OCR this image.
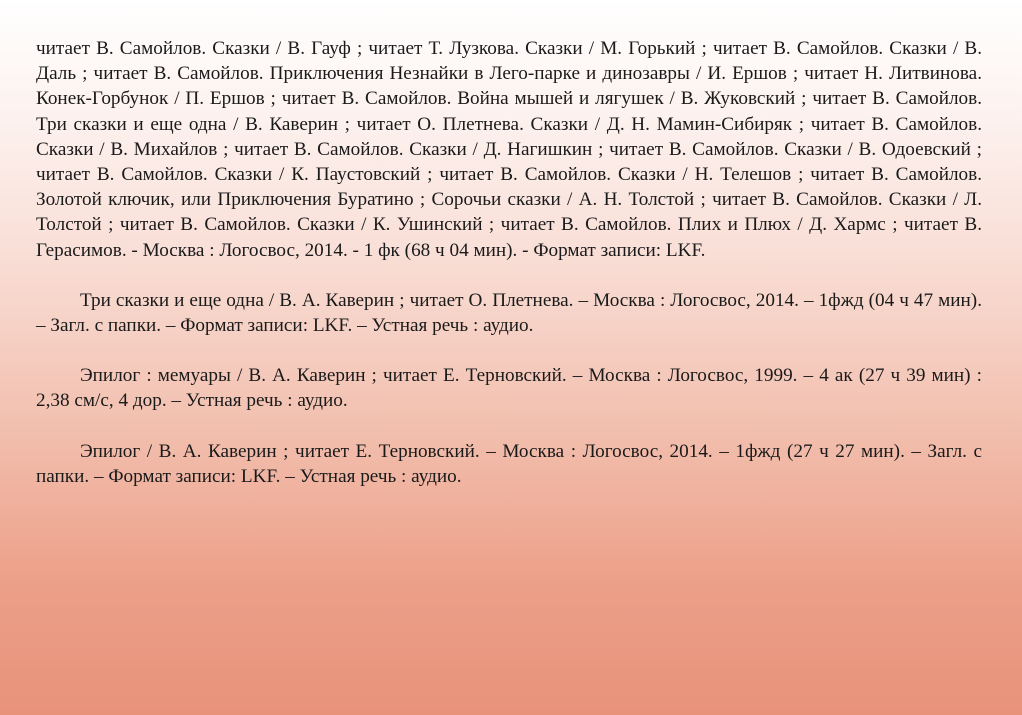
читает В. Самойлов. Сказки / В. Гауф ; читает Т. Лузкова. Сказки / М. Горький ; читает В. Самойлов. Сказки / В. Даль ; читает В. Самойлов. Приключения Незнайки в Лего-парке и динозавры / И. Ершов ; читает Н. Литвинова. Конек-Горбунок / П. Ершов ; читает В. Самойлов. Война мышей и лягушек / В. Жуковский ; читает В. Самойлов. Три сказки и еще одна / В. Каверин ; читает О. Плетнева. Сказки / Д. Н. Мамин-Сибиряк ; читает В. Самойлов. Сказки / В. Михайлов ; читает В. Самойлов. Сказки / Д. Нагишкин ; читает В. Самойлов. Сказки / В. Одоевский ; читает В. Самойлов. Сказки / К. Паустовский ; читает В. Самойлов. Сказки / Н. Телешов ; читает В. Самойлов. Золотой ключик, или Приключения Буратино ; Сорочьи сказки / А. Н. Толстой ; читает В. Самойлов. Сказки / Л. Толстой ; читает В. Самойлов. Сказки / К. Ушинский ; читает В. Самойлов. Плих и Плюх / Д. Хармс ; читает В. Герасимов. - Москва : Логосвос, 2014. - 1 фк (68 ч 04 мин). - Формат записи: LKF.

Три сказки и еще одна / В. А. Каверин ; читает О. Плетнева. – Москва : Логосвос, 2014. – 1фжд (04 ч 47 мин). – Загл. с папки. – Формат записи: LKF. – Устная речь : аудио.

Эпилог : мемуары / В. А. Каверин ; читает Е. Терновский. – Москва : Логосвос, 1999. – 4 ак (27 ч 39 мин) : 2,38 см/с, 4 дор. – Устная речь : аудио.

Эпилог / В. А. Каверин ; читает Е. Терновский. – Москва : Логосвос, 2014. – 1фжд (27 ч 27 мин). – Загл. с папки. – Формат записи: LKF. – Устная речь : аудио.
